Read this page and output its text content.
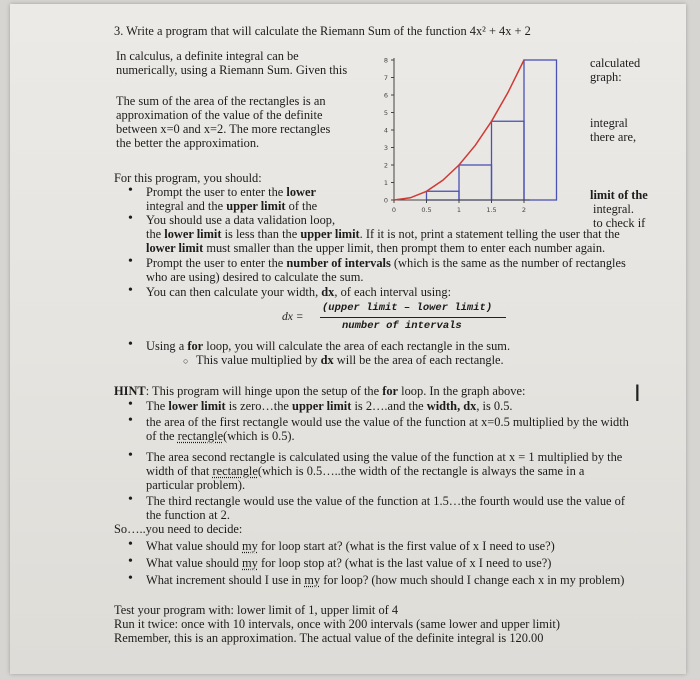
3. Write a program that will calculate the Riemann Sum of the function 4x² + 4x + 2
In calculus, a definite integral can be
numerically, using a Riemann Sum. Given this
The sum of the area of the rectangles is an
approximation of the value of the definite
between x=0 and x=2. The more rectangles
the better the approximation.
calculated
graph:
integral
there are,
limit of the
integral.
to check if
0	0.5	1	1.5	2
0
1
2
3
4
5
6
7
8
For this program, you should:
• Prompt the user to enter the lower
integral and the upper limit of the
• You should use a data validation loop,
the lower limit is less than the upper limit. If it is not, print a statement telling the user that the
lower limit must smaller than the upper limit, then prompt them to enter each number again.
• Prompt the user to enter the number of intervals (which is the same as the number of rectangles
who are using) desired to calculate the sum.
• You can then calculate your width, dx, of each interval using:
dx =
(upper limit – lower limit)
number of intervals
• Using a for loop, you will calculate the area of each rectangle in the sum.
○ This value multiplied by dx will be the area of each rectangle.
HINT: This program will hinge upon the setup of the for loop. In the graph above:	I
• The lower limit is zero…the upper limit is 2….and the width, dx, is 0.5.
• the area of the first rectangle would use the value of the function at x=0.5 multiplied by the width
of the rectangle(which is 0.5).
• The area second rectangle is calculated using the value of the function at x = 1 multiplied by the
width of that rectangle(which is 0.5…..the width of the rectangle is always the same in a
particular problem).
• The third rectangle would use the value of the function at 1.5…the fourth would use the value of
the function at 2.
So…..you need to decide:
• What value should my for loop start at? (what is the first value of x I need to use?)
• What value should my for loop stop at? (what is the last value of x I need to use?)
• What increment should I use in my for loop? (how much should I change each x in my problem)
Test your program with: lower limit of 1, upper limit of 4
Run it twice: once with 10 intervals, once with 200 intervals (same lower and upper limit)
Remember, this is an approximation. The actual value of the definite integral is 120.00
